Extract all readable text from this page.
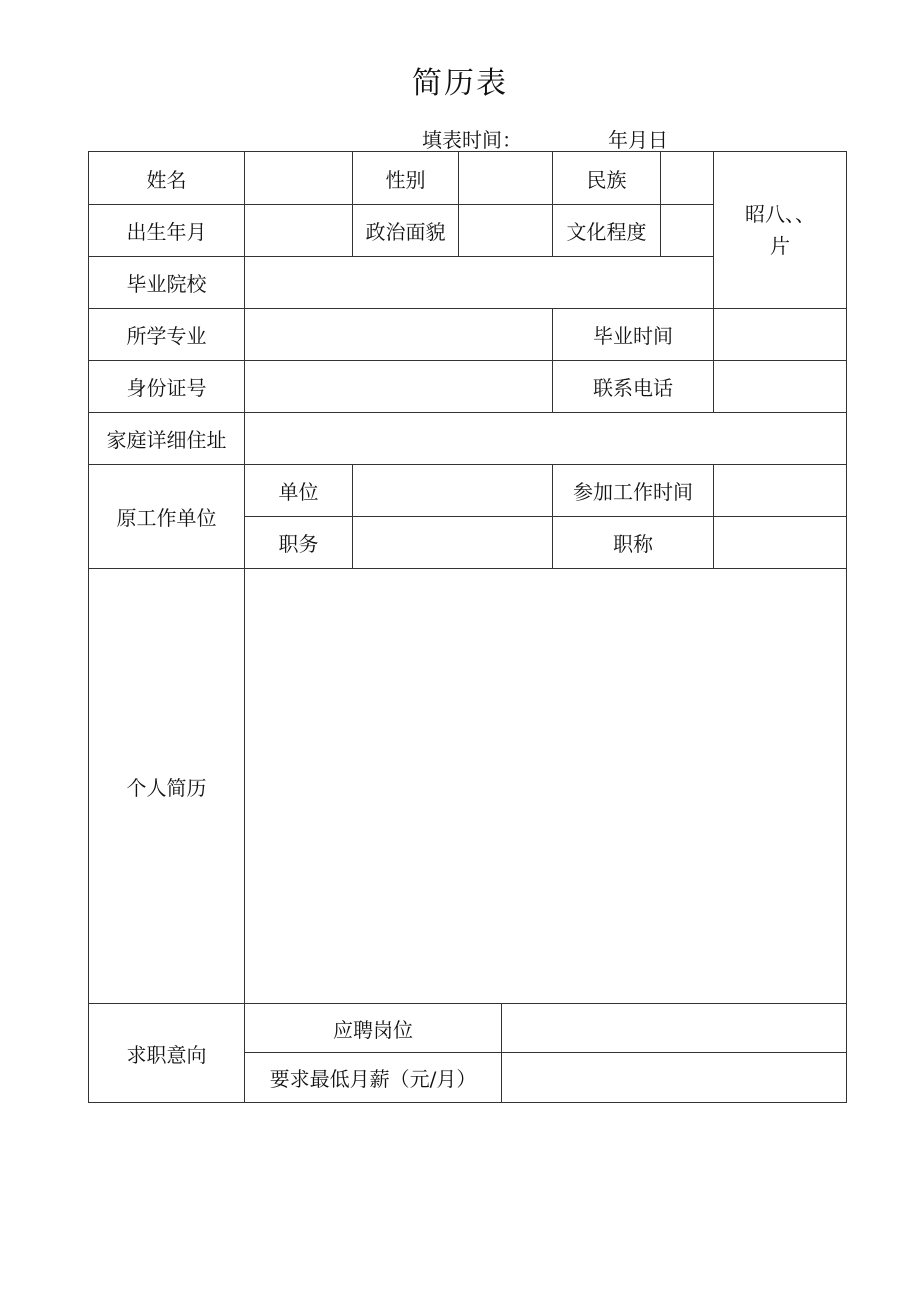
简历表
填表时间：	年月日
姓名		性别			民族		昭八、、
片

出生年月		政治面貌			文化程度		
毕业院校							
所学专业					毕业时间		
身份证号					联系电话		
家庭详细住址							
原工作单位	单位				参加工作时间		
	职务				职称		
个人简历							
求职意向	应聘岗位						
	要求最低月薪（元/月）						
